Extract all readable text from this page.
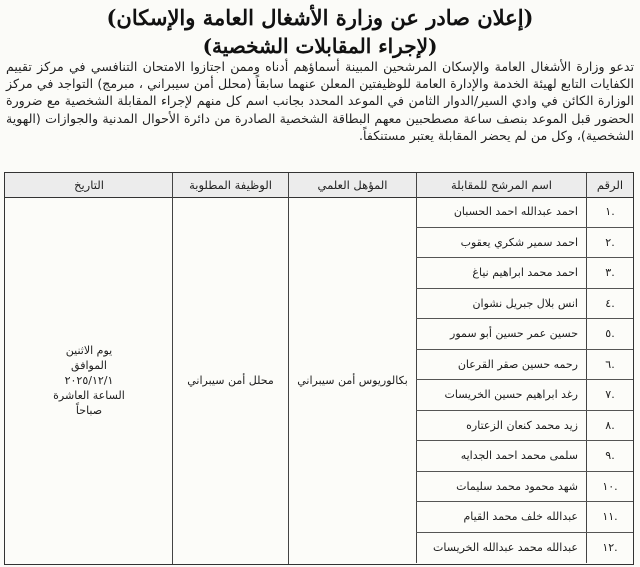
(إعلان صادر عن وزارة الأشغال العامة والإسكان)
(لإجراء المقابلات الشخصية)
تدعو وزارة الأشغال العامة والإسكان المرشحين المبينة أسماؤهم أدناه وممن اجتازوا الامتحان التنافسي في مركز تقييم الكفايات التابع لهيئة الخدمة والإدارة العامة للوظيفتين المعلن عنهما سابقاً (محلل أمن سيبراني ، مبرمج) التواجد في مركز الوزارة الكائن في وادي السير/الدوار الثامن في الموعد المحدد بجانب اسم كل منهم لإجراء المقابلة الشخصية مع ضرورة الحضور قبل الموعد بنصف ساعة مصطحبين معهم البطاقة الشخصية الصادرة من دائرة الأحوال المدنية والجوازات (الهوية الشخصية)، وكل من لم يحضر المقابلة يعتبر مستنكفاً.
الرقم
اسم المرشح للمقابلة
المؤهل العلمي
الوظيفة المطلوبة
التاريخ
.١
احمد عبدالله احمد الحسبان
.٢
احمد سمير شكري يعقوب
.٣
احمد محمد ابراهيم نياغ
.٤
انس بلال جبريل نشوان
.٥
حسين عمر حسين أبو سمور
.٦
رحمه حسين صقر القرعان
.٧
رغد ابراهيم حسين الخريسات
.٨
زيد محمد كنعان الزعتاره
.٩
سلمى محمد احمد الجدايه
.١٠
شهد محمود محمد سليمات
.١١
عبدالله خلف محمد القيام
.١٢
عبدالله محمد عبدالله الخريسات
بكالوريوس أمن سيبراني
محلل أمن سيبراني
يوم الاثنين
الموافق
٢٠٢٥/١٢/١
الساعة العاشرة
صباحاً
